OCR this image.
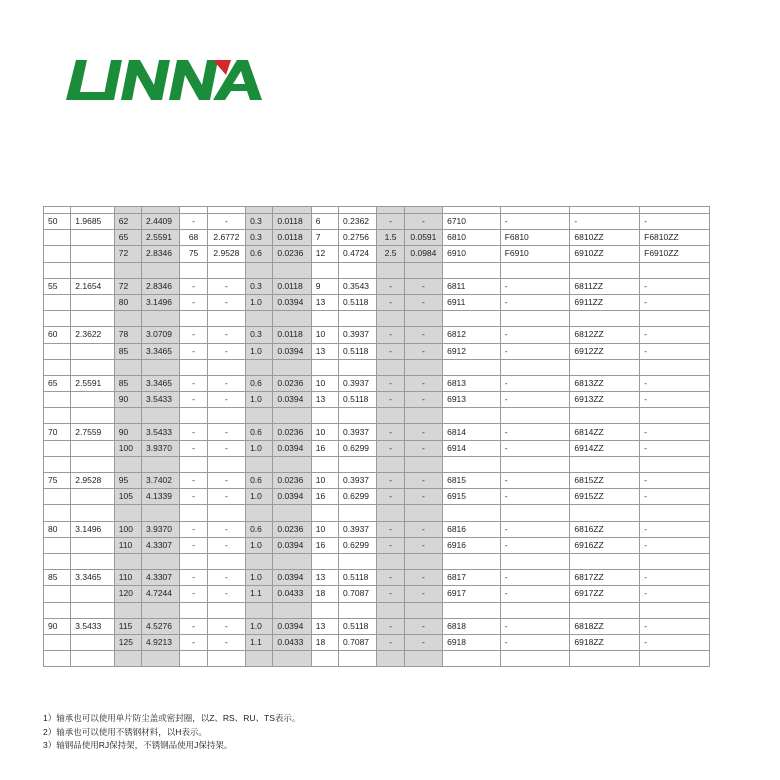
50	1.9685	62	2.4409	-	-	0.3	0.0118	6	0.2362	-	-	6710	-	-	-
		65	2.5591	68	2.6772	0.3	0.0118	7	0.2756	1.5	0.0591	6810	F6810	6810ZZ	F6810ZZ
		72	2.8346	75	2.9528	0.6	0.0236	12	0.4724	2.5	0.0984	6910	F6910	6910ZZ	F6910ZZ

55	2.1654	72	2.8346	-	-	0.3	0.0118	9	0.3543	-	-	6811	-	6811ZZ	-
		80	3.1496	-	-	1.0	0.0394	13	0.5118	-	-	6911	-	6911ZZ	-

60	2.3622	78	3.0709	-	-	0.3	0.0118	10	0.3937	-	-	6812	-	6812ZZ	-
		85	3.3465	-	-	1.0	0.0394	13	0.5118	-	-	6912	-	6912ZZ	-

65	2.5591	85	3.3465	-	-	0.6	0.0236	10	0.3937	-	-	6813	-	6813ZZ	-
		90	3.5433	-	-	1.0	0.0394	13	0.5118	-	-	6913	-	6913ZZ	-

70	2.7559	90	3.5433	-	-	0.6	0.0236	10	0.3937	-	-	6814	-	6814ZZ	-
		100	3.9370	-	-	1.0	0.0394	16	0.6299	-	-	6914	-	6914ZZ	-

75	2.9528	95	3.7402	-	-	0.6	0.0236	10	0.3937	-	-	6815	-	6815ZZ	-
		105	4.1339	-	-	1.0	0.0394	16	0.6299	-	-	6915	-	6915ZZ	-

80	3.1496	100	3.9370	-	-	0.6	0.0236	10	0.3937	-	-	6816	-	6816ZZ	-
		110	4.3307	-	-	1.0	0.0394	16	0.6299	-	-	6916	-	6916ZZ	-

85	3.3465	110	4.3307	-	-	1.0	0.0394	13	0.5118	-	-	6817	-	6817ZZ	-
		120	4.7244	-	-	1.1	0.0433	18	0.7087	-	-	6917	-	6917ZZ	-

90	3.5433	115	4.5276	-	-	1.0	0.0394	13	0.5118	-	-	6818	-	6818ZZ	-
		125	4.9213	-	-	1.1	0.0433	18	0.7087	-	-	6918	-	6918ZZ	-

1）轴承也可以使用单片防尘盖或密封圈，以Z、RS、RU、TS表示。
2）轴承也可以使用不锈钢材料，以H表示。
3）轴钢品使用RJ保持架，不锈钢品使用J保持架。
